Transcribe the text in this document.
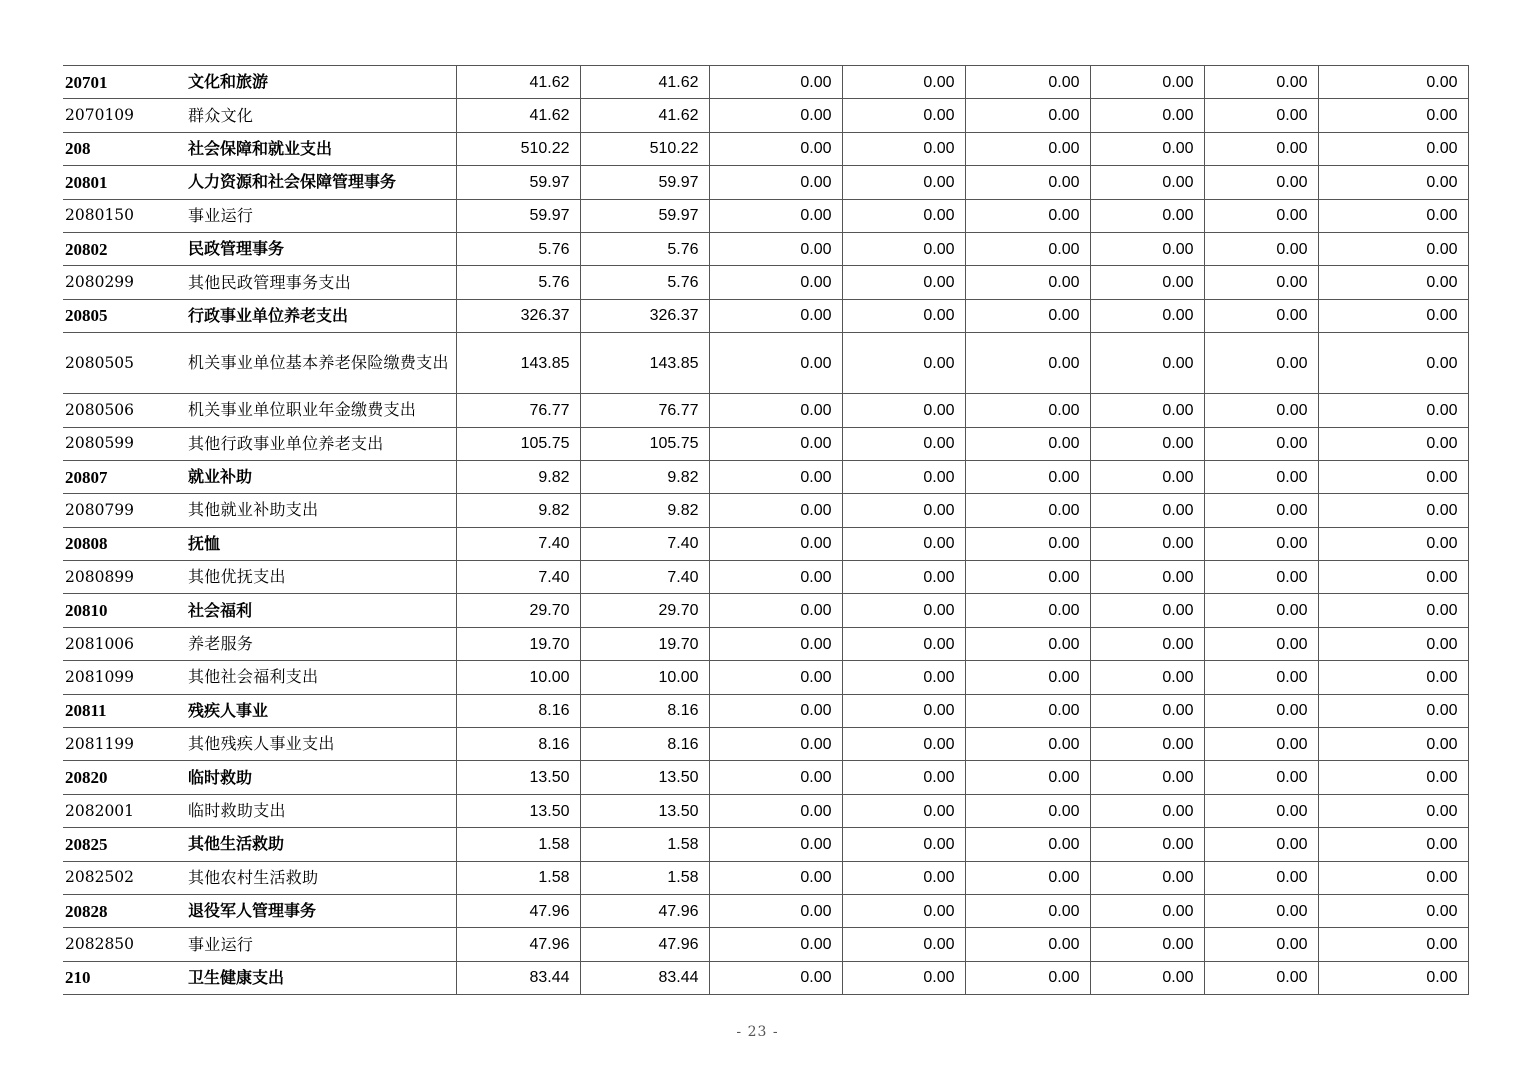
20701	文化和旅游	41.62	41.62	0.00	0.00	0.00	0.00	0.00	0.00
2070109	群众文化	41.62	41.62	0.00	0.00	0.00	0.00	0.00	0.00
208	社会保障和就业支出	510.22	510.22	0.00	0.00	0.00	0.00	0.00	0.00
20801	人力资源和社会保障管理事务	59.97	59.97	0.00	0.00	0.00	0.00	0.00	0.00
2080150	事业运行	59.97	59.97	0.00	0.00	0.00	0.00	0.00	0.00
20802	民政管理事务	5.76	5.76	0.00	0.00	0.00	0.00	0.00	0.00
2080299	其他民政管理事务支出	5.76	5.76	0.00	0.00	0.00	0.00	0.00	0.00
20805	行政事业单位养老支出	326.37	326.37	0.00	0.00	0.00	0.00	0.00	0.00
2080505	机关事业单位基本养老保险缴费支出	143.85	143.85	0.00	0.00	0.00	0.00	0.00	0.00
2080506	机关事业单位职业年金缴费支出	76.77	76.77	0.00	0.00	0.00	0.00	0.00	0.00
2080599	其他行政事业单位养老支出	105.75	105.75	0.00	0.00	0.00	0.00	0.00	0.00
20807	就业补助	9.82	9.82	0.00	0.00	0.00	0.00	0.00	0.00
2080799	其他就业补助支出	9.82	9.82	0.00	0.00	0.00	0.00	0.00	0.00
20808	抚恤	7.40	7.40	0.00	0.00	0.00	0.00	0.00	0.00
2080899	其他优抚支出	7.40	7.40	0.00	0.00	0.00	0.00	0.00	0.00
20810	社会福利	29.70	29.70	0.00	0.00	0.00	0.00	0.00	0.00
2081006	养老服务	19.70	19.70	0.00	0.00	0.00	0.00	0.00	0.00
2081099	其他社会福利支出	10.00	10.00	0.00	0.00	0.00	0.00	0.00	0.00
20811	残疾人事业	8.16	8.16	0.00	0.00	0.00	0.00	0.00	0.00
2081199	其他残疾人事业支出	8.16	8.16	0.00	0.00	0.00	0.00	0.00	0.00
20820	临时救助	13.50	13.50	0.00	0.00	0.00	0.00	0.00	0.00
2082001	临时救助支出	13.50	13.50	0.00	0.00	0.00	0.00	0.00	0.00
20825	其他生活救助	1.58	1.58	0.00	0.00	0.00	0.00	0.00	0.00
2082502	其他农村生活救助	1.58	1.58	0.00	0.00	0.00	0.00	0.00	0.00
20828	退役军人管理事务	47.96	47.96	0.00	0.00	0.00	0.00	0.00	0.00
2082850	事业运行	47.96	47.96	0.00	0.00	0.00	0.00	0.00	0.00
210	卫生健康支出	83.44	83.44	0.00	0.00	0.00	0.00	0.00	0.00
- 23 -
